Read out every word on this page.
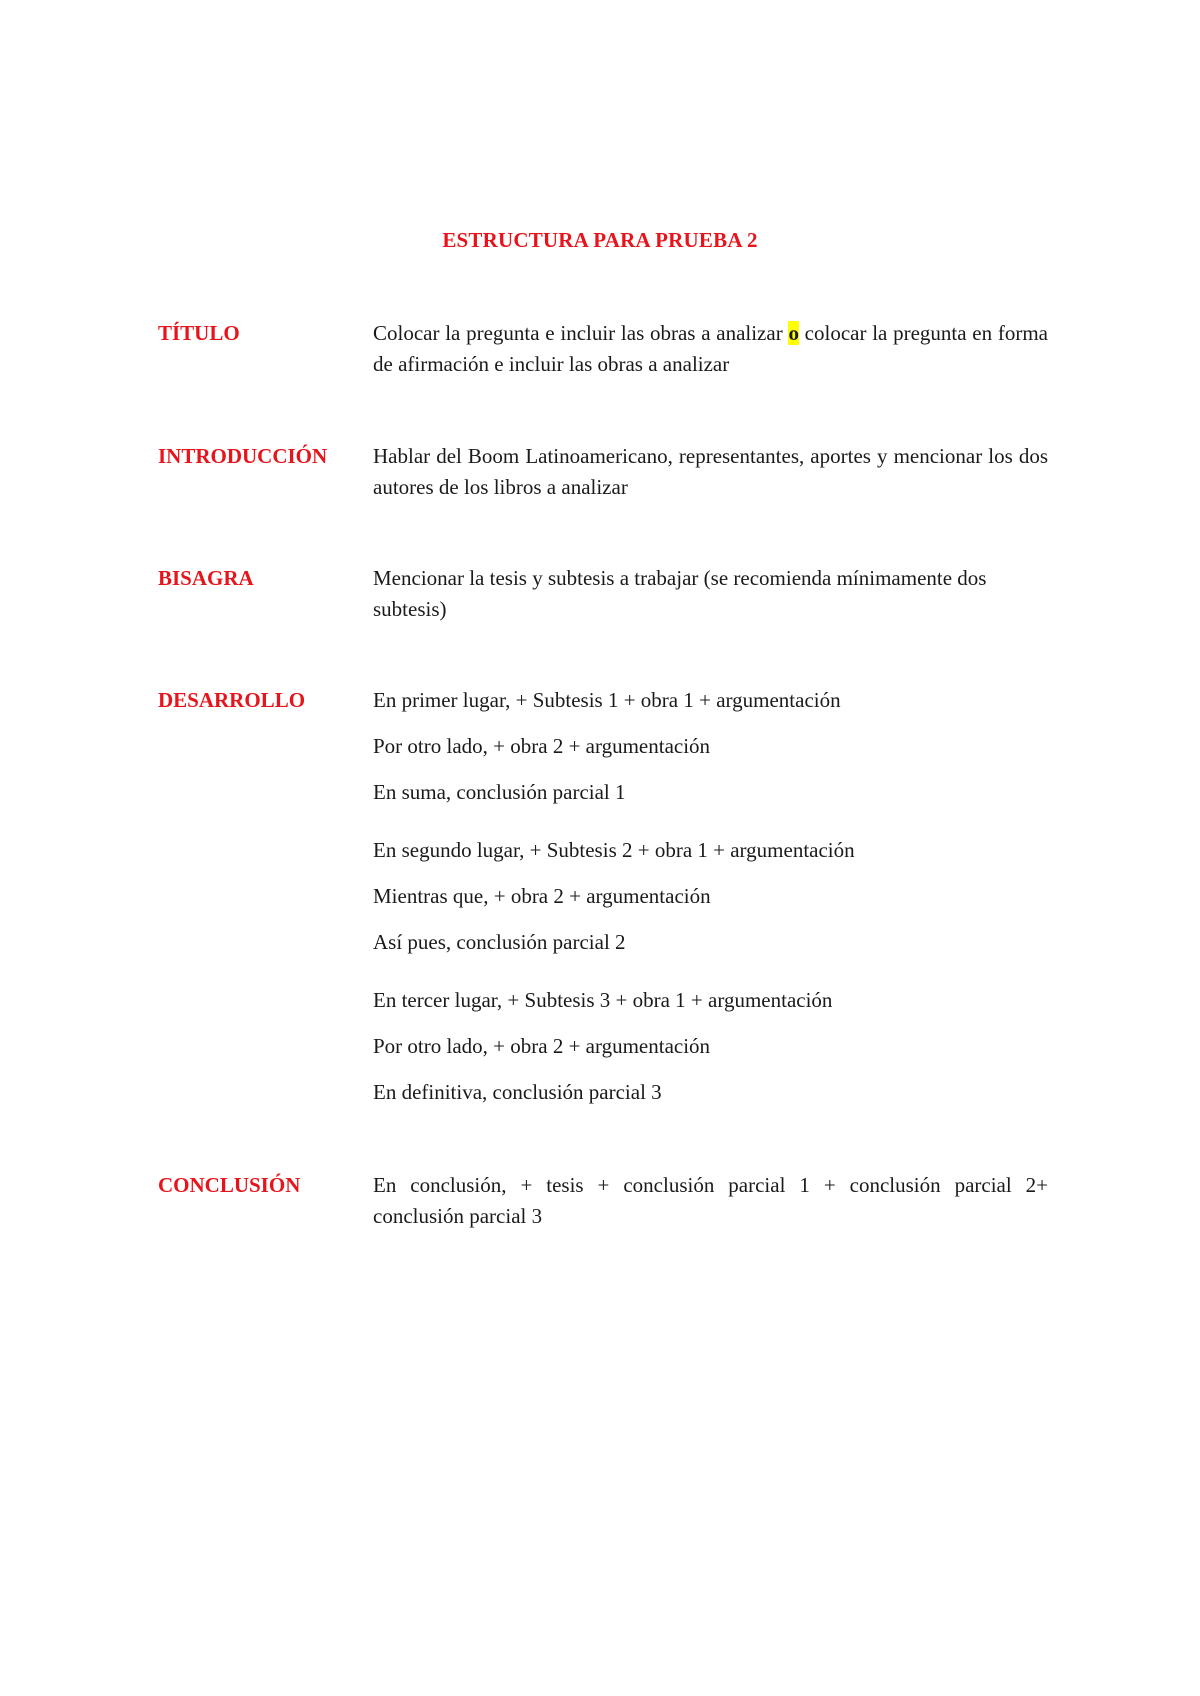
ESTRUCTURA PARA PRUEBA 2
TÍTULO	Colocar la pregunta e incluir las obras a analizar o colocar la pregunta en forma de afirmación e incluir las obras a analizar
INTRODUCCIÓN	Hablar del Boom Latinoamericano, representantes, aportes y mencionar los dos autores de los libros a analizar
BISAGRA	Mencionar la tesis y subtesis a trabajar (se recomienda mínimamente dos subtesis)
DESARROLLO	En primer lugar, + Subtesis 1 + obra 1 + argumentación
Por otro lado, + obra 2 + argumentación
En suma, conclusión parcial 1
En segundo lugar, + Subtesis 2 + obra 1 + argumentación
Mientras que, + obra 2 + argumentación
Así pues, conclusión parcial 2
En tercer lugar, + Subtesis 3 + obra 1 + argumentación
Por otro lado, + obra 2 + argumentación
En definitiva, conclusión parcial 3
CONCLUSIÓN	En conclusión, + tesis + conclusión parcial 1 + conclusión parcial 2+ conclusión parcial 3
